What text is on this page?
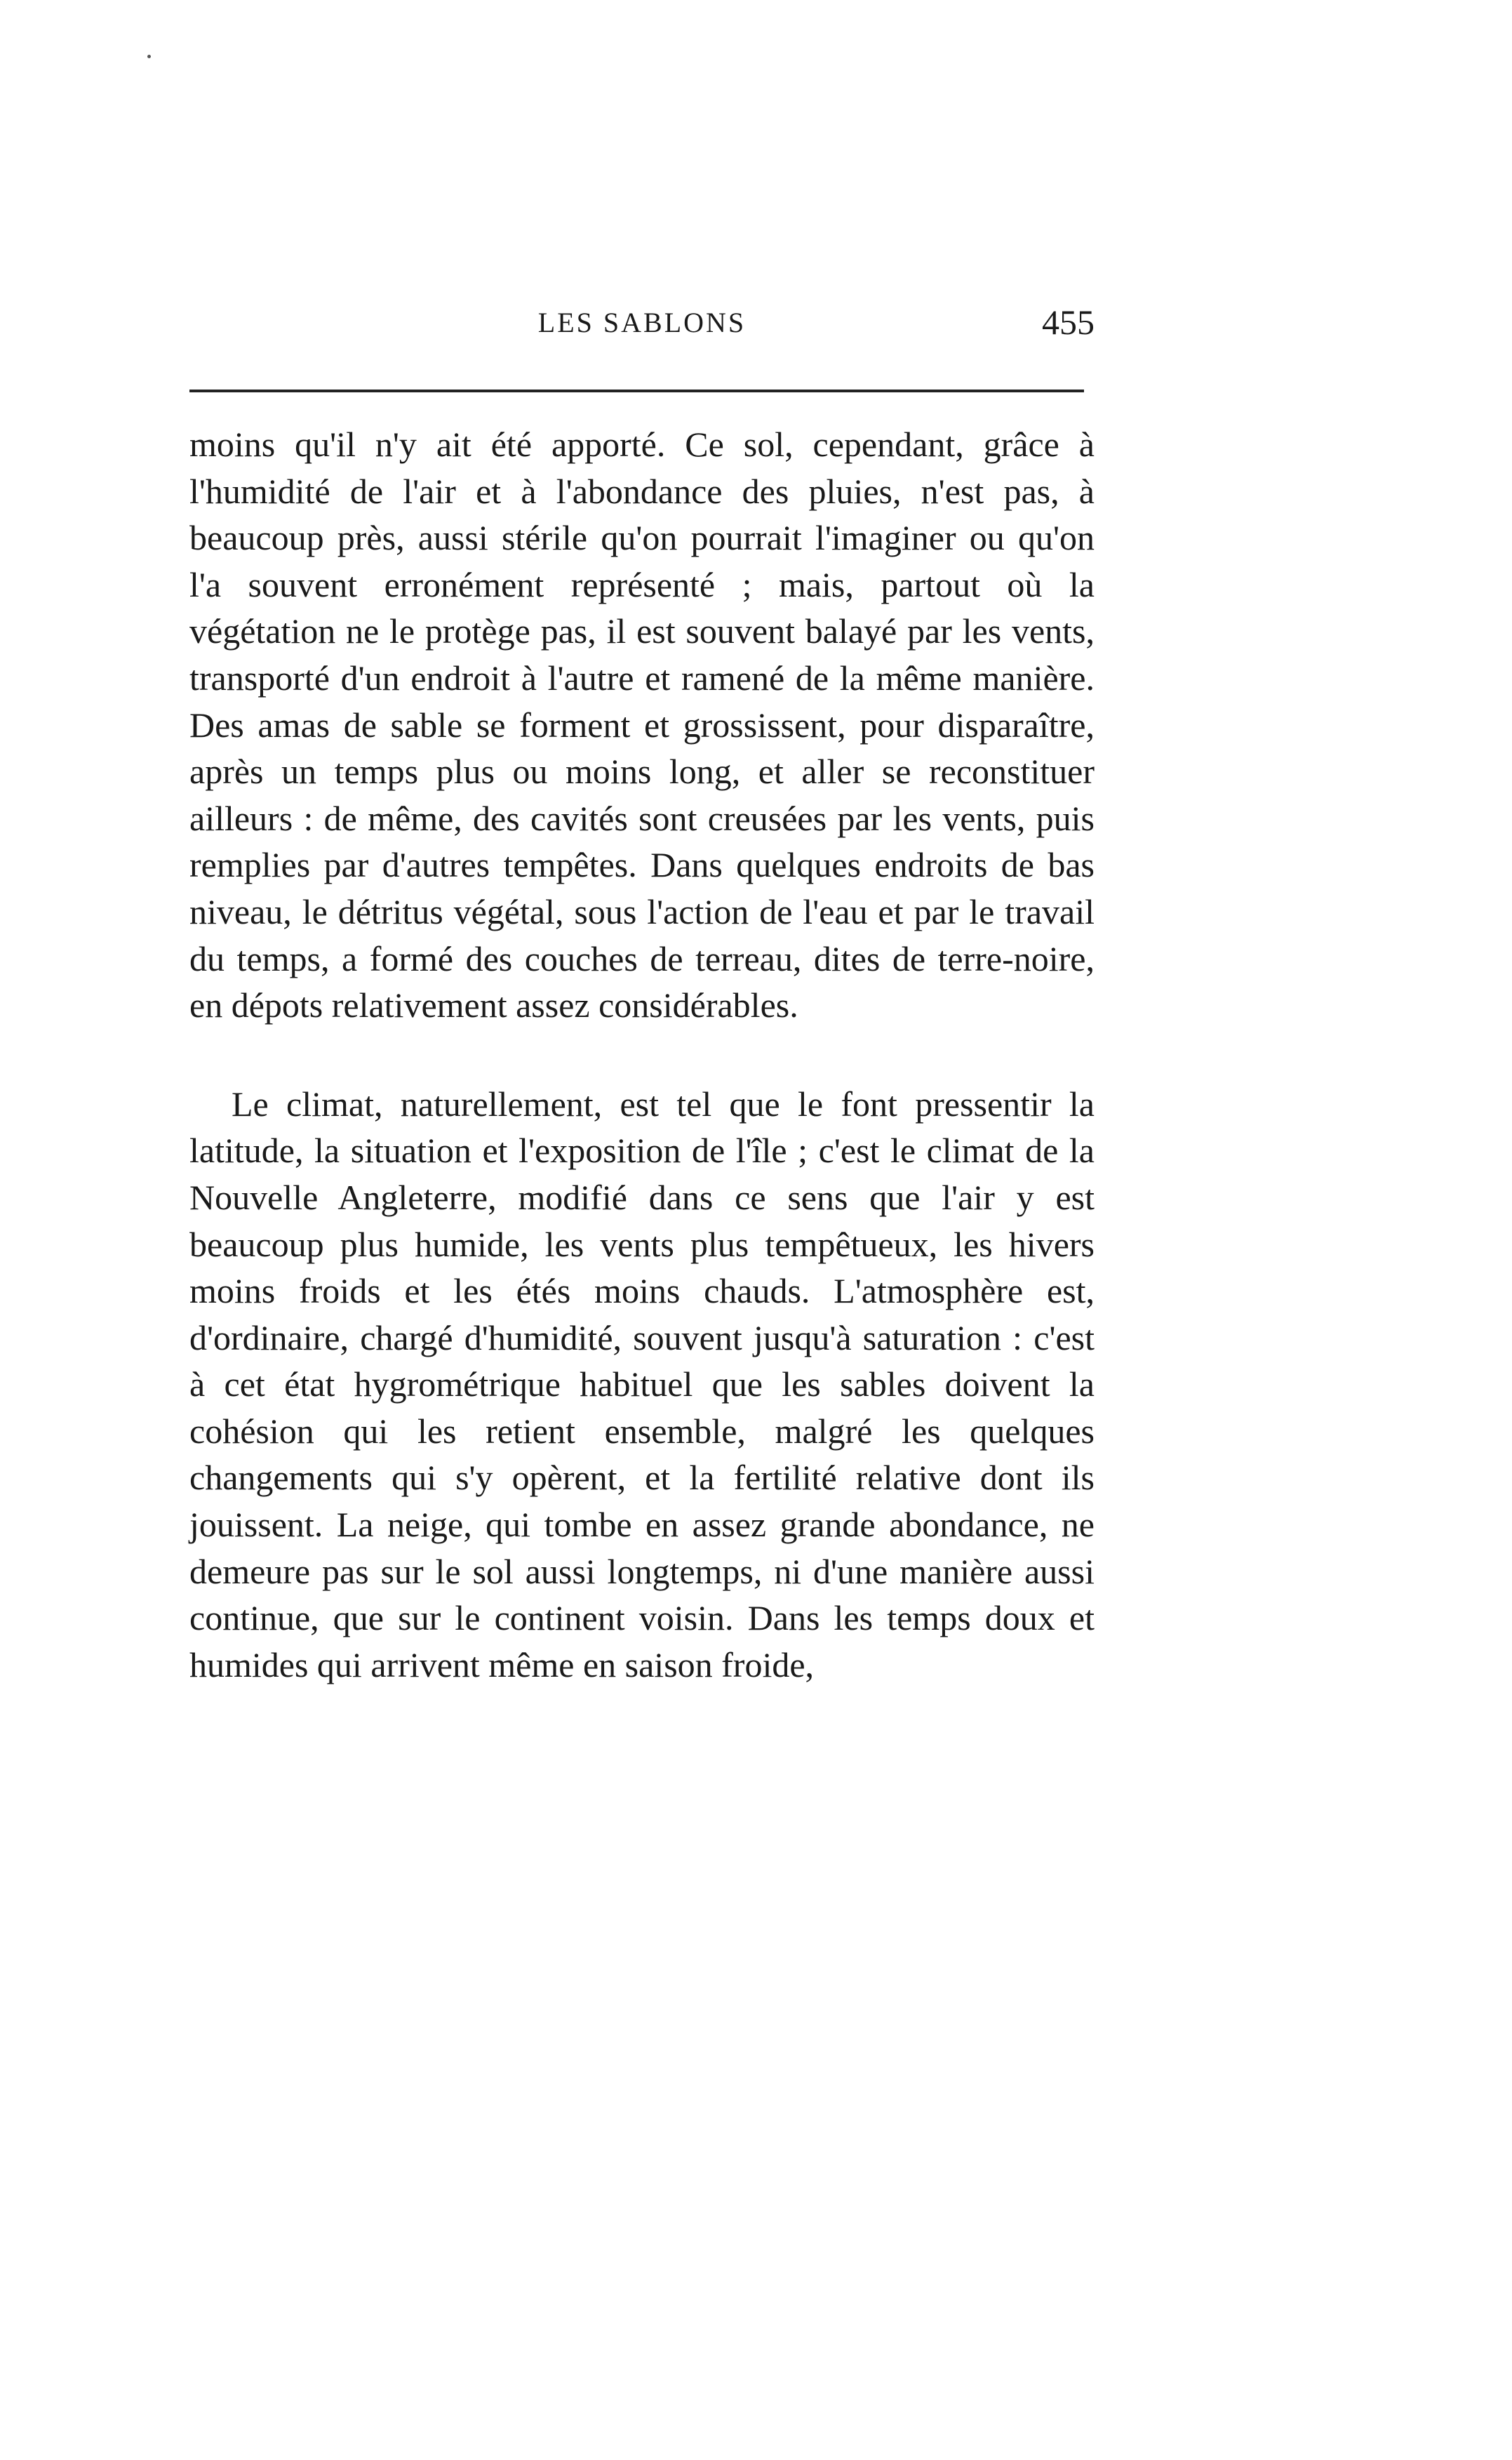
LES SABLONS	455

moins qu'il n'y ait été apporté. Ce sol, cependant, grâce à l'humidité de l'air et à l'abondance des pluies, n'est pas, à beaucoup près, aussi stérile qu'on pourrait l'imaginer ou qu'on l'a souvent erronément représenté ; mais, partout où la végétation ne le protège pas, il est souvent balayé par les vents, transporté d'un endroit à l'autre et ramené de la même manière. Des amas de sable se forment et grossissent, pour disparaître, après un temps plus ou moins long, et aller se reconstituer ailleurs : de même, des cavités sont creusées par les vents, puis remplies par d'autres tempêtes. Dans quelques endroits de bas niveau, le détritus végétal, sous l'action de l'eau et par le travail du temps, a formé des couches de terreau, dites de terre-noire, en dépots relativement assez considérables.

Le climat, naturellement, est tel que le font pressentir la latitude, la situation et l'exposition de l'île ; c'est le climat de la Nouvelle Angleterre, modifié dans ce sens que l'air y est beaucoup plus humide, les vents plus tempêtueux, les hivers moins froids et les étés moins chauds. L'atmosphère est, d'ordinaire, chargé d'humidité, souvent jusqu'à saturation : c'est à cet état hygrométrique habituel que les sables doivent la cohésion qui les retient ensemble, malgré les quelques changements qui s'y opèrent, et la fertilité relative dont ils jouissent. La neige, qui tombe en assez grande abondance, ne demeure pas sur le sol aussi longtemps, ni d'une manière aussi continue, que sur le continent voisin. Dans les temps doux et humides qui arrivent même en saison froide,
